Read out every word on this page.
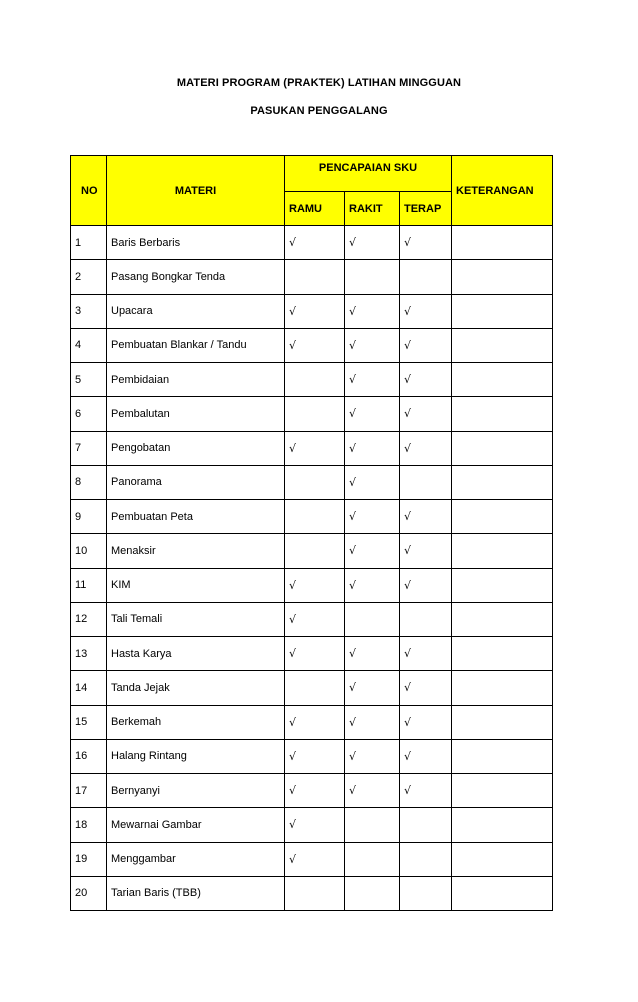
MATERI PROGRAM (PRAKTEK) LATIHAN MINGGUAN
PASUKAN PENGGALANG
NO	MATERI	PENCAPAIAN SKU			KETERANGAN
		RAMU	RAKIT	TERAP	
1	Baris Berbaris	√	√	√	
2	Pasang Bongkar Tenda				
3	Upacara	√	√	√	
4	Pembuatan Blankar / Tandu	√	√	√	
5	Pembidaian		√	√	
6	Pembalutan		√	√	
7	Pengobatan	√	√	√	
8	Panorama		√		
9	Pembuatan Peta		√	√	
10	Menaksir		√	√	
11	KIM	√	√	√	
12	Tali Temali	√			
13	Hasta Karya	√	√	√	
14	Tanda Jejak		√	√	
15	Berkemah	√	√	√	
16	Halang Rintang	√	√	√	
17	Bernyanyi	√	√	√	
18	Mewarnai Gambar	√			
19	Menggambar	√			
20	Tarian Baris (TBB)				
